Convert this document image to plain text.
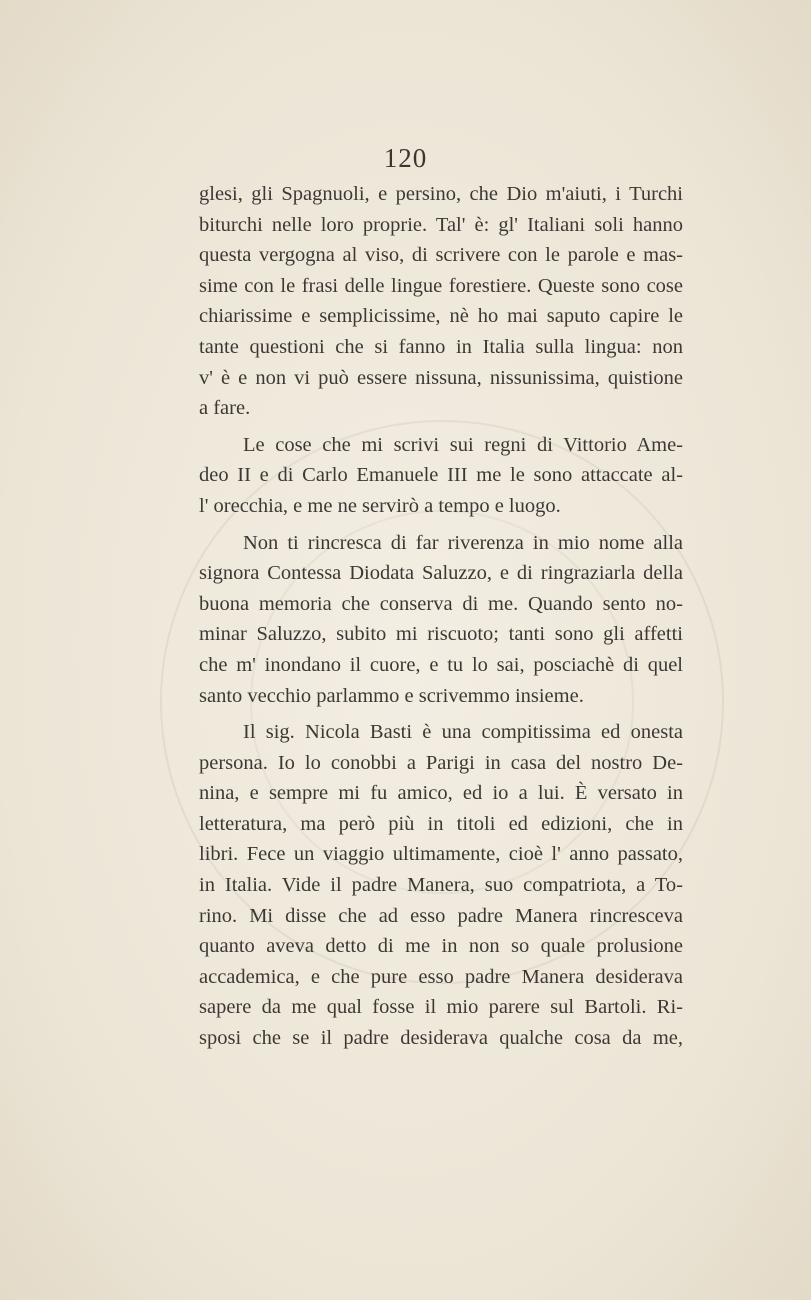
120
glesi, gli Spagnuoli, e persino, che Dio m'aiuti, i Turchi
biturchi nelle loro proprie. Tal' è: gl' Italiani soli hanno
questa vergogna al viso, di scrivere con le parole e mas-
sime con le frasi delle lingue forestiere. Queste sono cose
chiarissime e semplicissime, nè ho mai saputo capire le
tante questioni che si fanno in Italia sulla lingua: non
v' è e non vi può essere nissuna, nissunissima, quistione
a fare.
Le cose che mi scrivi sui regni di Vittorio Ame-
deo II e di Carlo Emanuele III me le sono attaccate al-
l' orecchia, e me ne servirò a tempo e luogo.
Non ti rincresca di far riverenza in mio nome alla
signora Contessa Diodata Saluzzo, e di ringraziarla della
buona memoria che conserva di me. Quando sento no-
minar Saluzzo, subito mi riscuoto; tanti sono gli affetti
che m' inondano il cuore, e tu lo sai, posciachè di quel
santo vecchio parlammo e scrivemmo insieme.
Il sig. Nicola Basti è una compitissima ed onesta
persona. Io lo conobbi a Parigi in casa del nostro De-
nina, e sempre mi fu amico, ed io a lui. È versato in
letteratura, ma però più in titoli ed edizioni, che in
libri. Fece un viaggio ultimamente, cioè l' anno passato,
in Italia. Vide il padre Manera, suo compatriota, a To-
rino. Mi disse che ad esso padre Manera rincresceva
quanto aveva detto di me in non so quale prolusione
accademica, e che pure esso padre Manera desiderava
sapere da me qual fosse il mio parere sul Bartoli. Ri-
sposi che se il padre desiderava qualche cosa da me,
